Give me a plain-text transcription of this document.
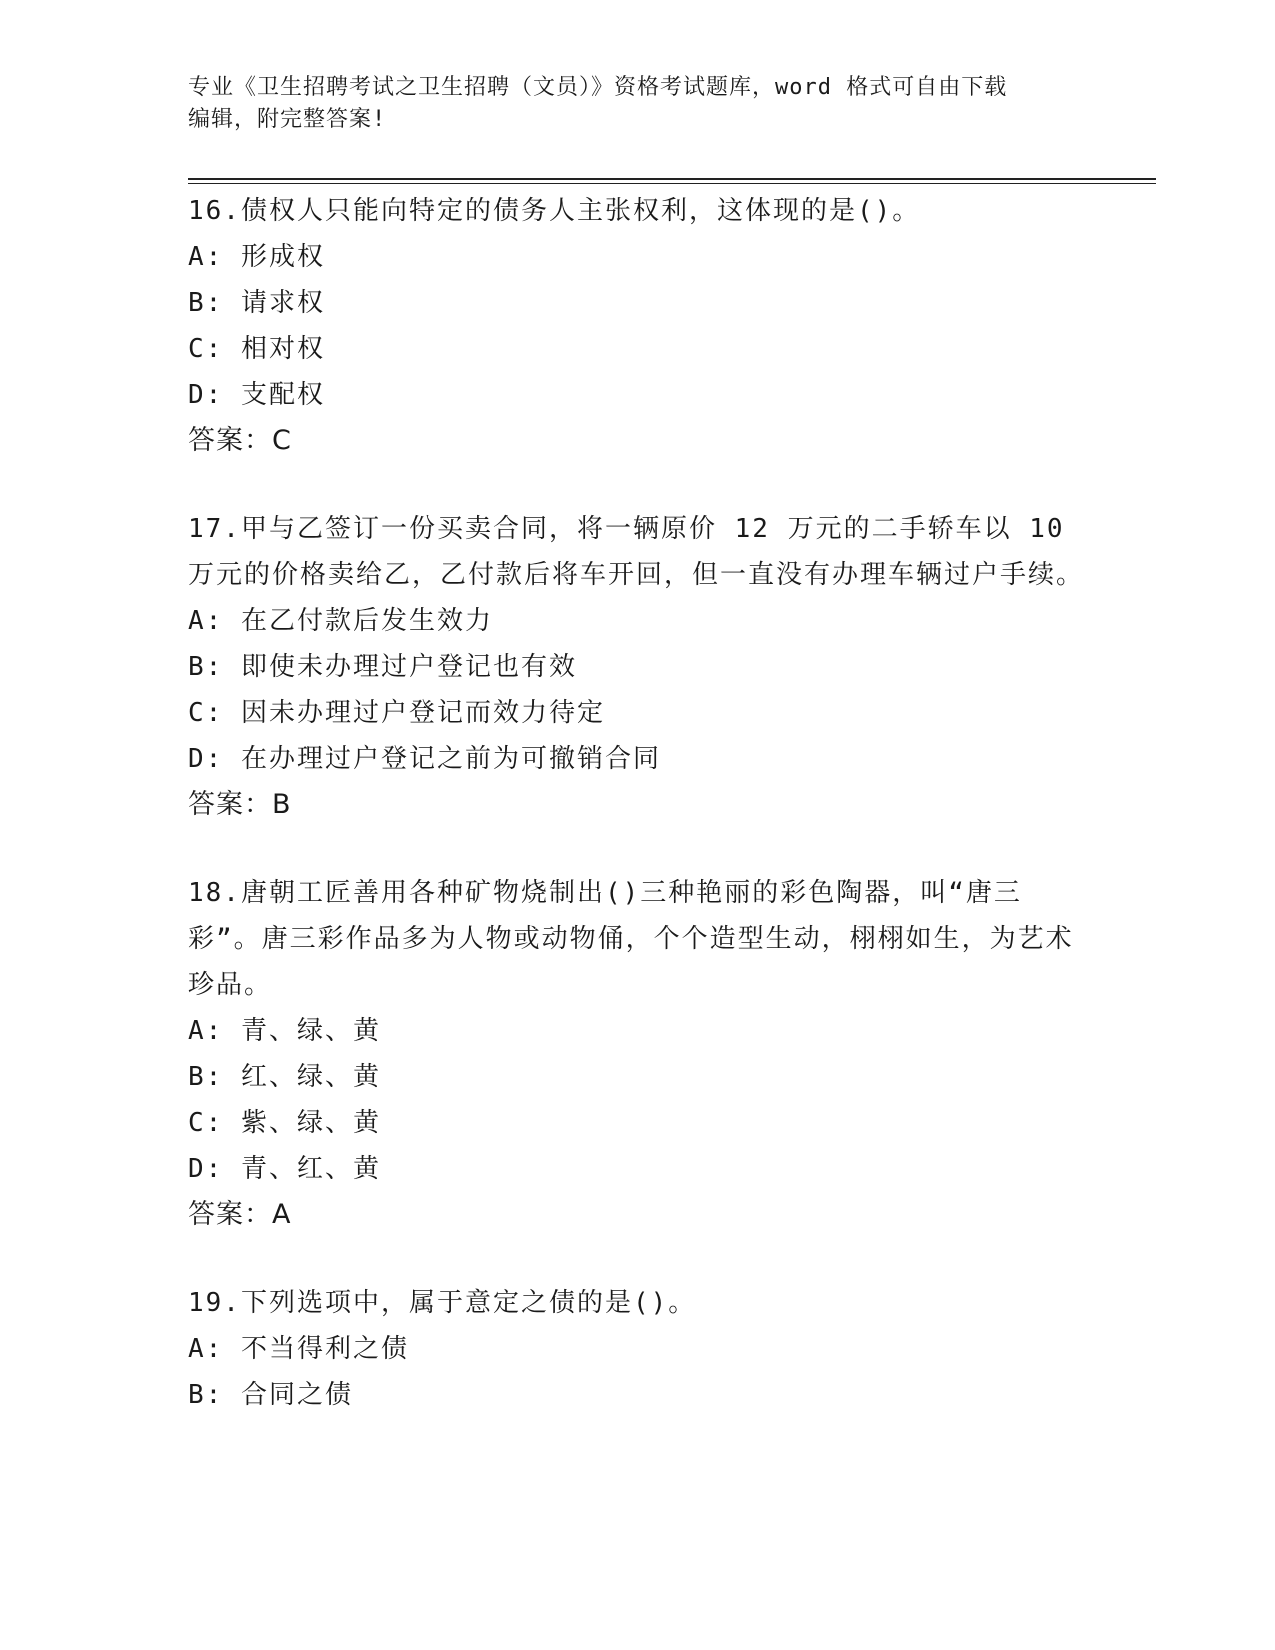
专业《卫生招聘考试之卫生招聘（文员）》资格考试题库，word 格式可自由下载
编辑，附完整答案!

16.债权人只能向特定的债务人主张权利，这体现的是()。

A: 形成权

B: 请求权

C: 相对权

D: 支配权

答案：C

17.甲与乙签订一份买卖合同，将一辆原价 12 万元的二手轿车以 10 万元的价格卖给乙，乙付款后将车开回，但一直没有办理车辆过户手续。

A: 在乙付款后发生效力

B: 即使未办理过户登记也有效

C: 因未办理过户登记而效力待定

D: 在办理过户登记之前为可撤销合同

答案：B

18.唐朝工匠善用各种矿物烧制出()三种艳丽的彩色陶器，叫“唐三彩”。唐三彩作品多为人物或动物俑，个个造型生动，栩栩如生，为艺术珍品。

A: 青、绿、黄

B: 红、绿、黄

C: 紫、绿、黄

D: 青、红、黄

答案：A

19.下列选项中，属于意定之债的是()。

A: 不当得利之债

B: 合同之债
